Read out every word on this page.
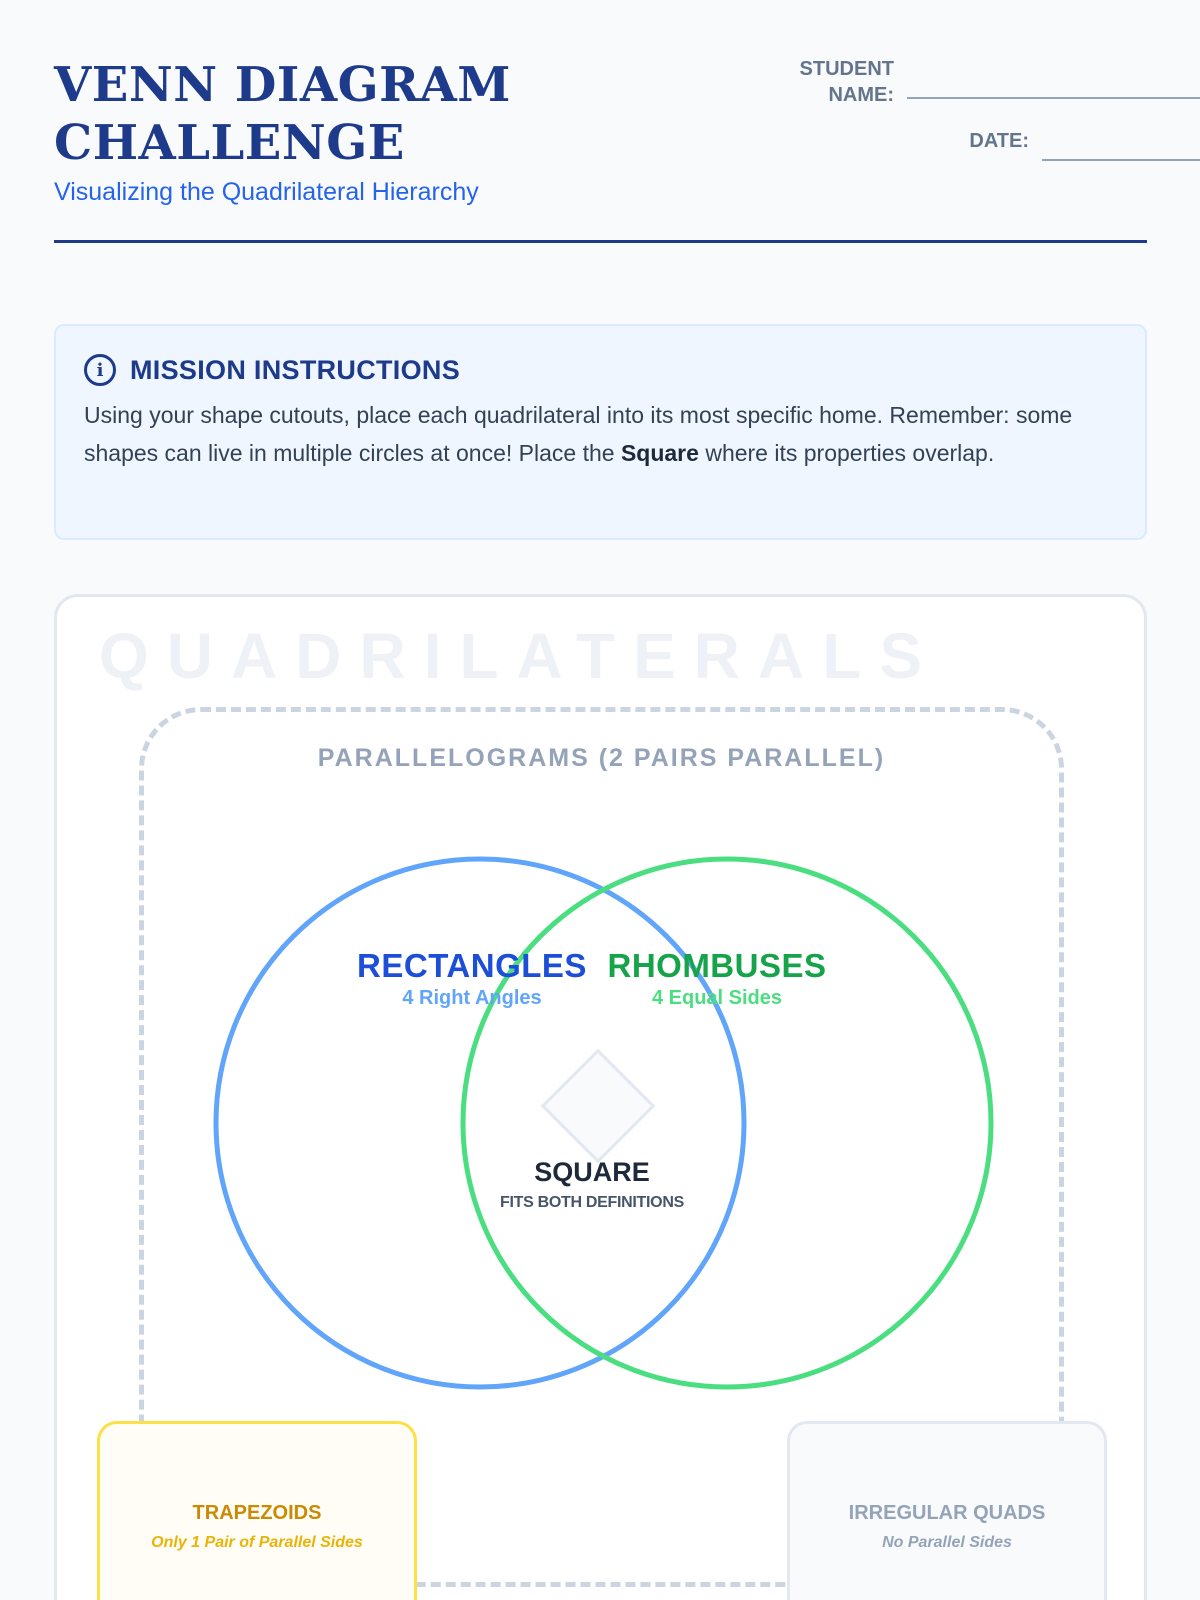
VENN DIAGRAM CHALLENGE
Visualizing the Quadrilateral Hierarchy
STUDENT NAME:
DATE:
i MISSION INSTRUCTIONS

Using your shape cutouts, place each quadrilateral into its most specific home. Remember: some shapes can live in multiple circles at once! Place the Square where its properties overlap.

QUADRILATERALS
PARALLELOGRAMS (2 PAIRS PARALLEL)
RECTANGLES
4 Right Angles
RHOMBUSES
4 Equal Sides
SQUARE
FITS BOTH DEFINITIONS
TRAPEZOIDS
Only 1 Pair of Parallel Sides
IRREGULAR QUADS
No Parallel Sides
